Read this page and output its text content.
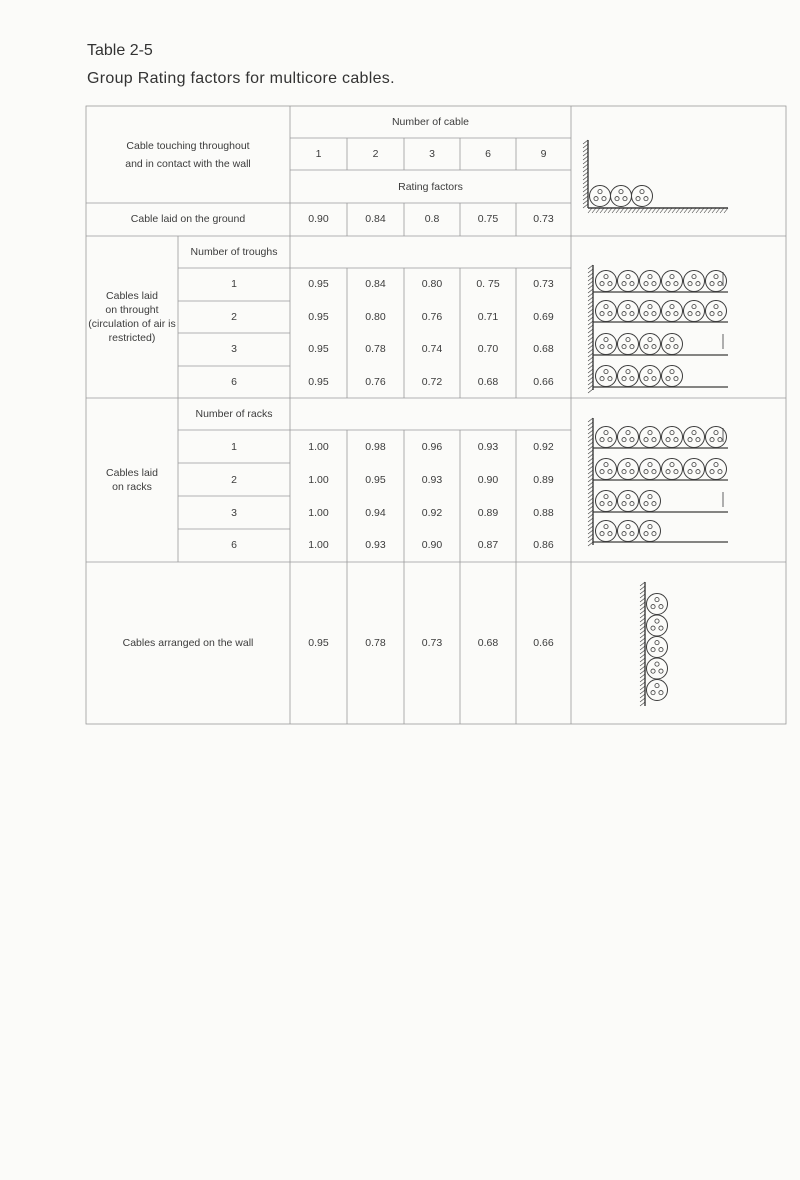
Table 2-5
Group Rating factors for multicore cables.
Cable touching throughout
and in contact with the wall
Number of cable
1	2	3	6	9
Rating factors
Cable laid on the ground	0.90	0.84	0.8	0.75	0.73
Cables laid
on throught
(circulation of air is
restricted)
Number of troughs
1	0.95	0.84	0.80	0. 75	0.73
2	0.95	0.80	0.76	0.71	0.69
3	0.95	0.78	0.74	0.70	0.68
6	0.95	0.76	0.72	0.68	0.66
Cables laid
on racks
Number of racks
1	1.00	0.98	0.96	0.93	0.92
2	1.00	0.95	0.93	0.90	0.89
3	1.00	0.94	0.92	0.89	0.88
6	1.00	0.93	0.90	0.87	0.86
Cables arranged on the wall	0.95	0.78	0.73	0.68	0.66
